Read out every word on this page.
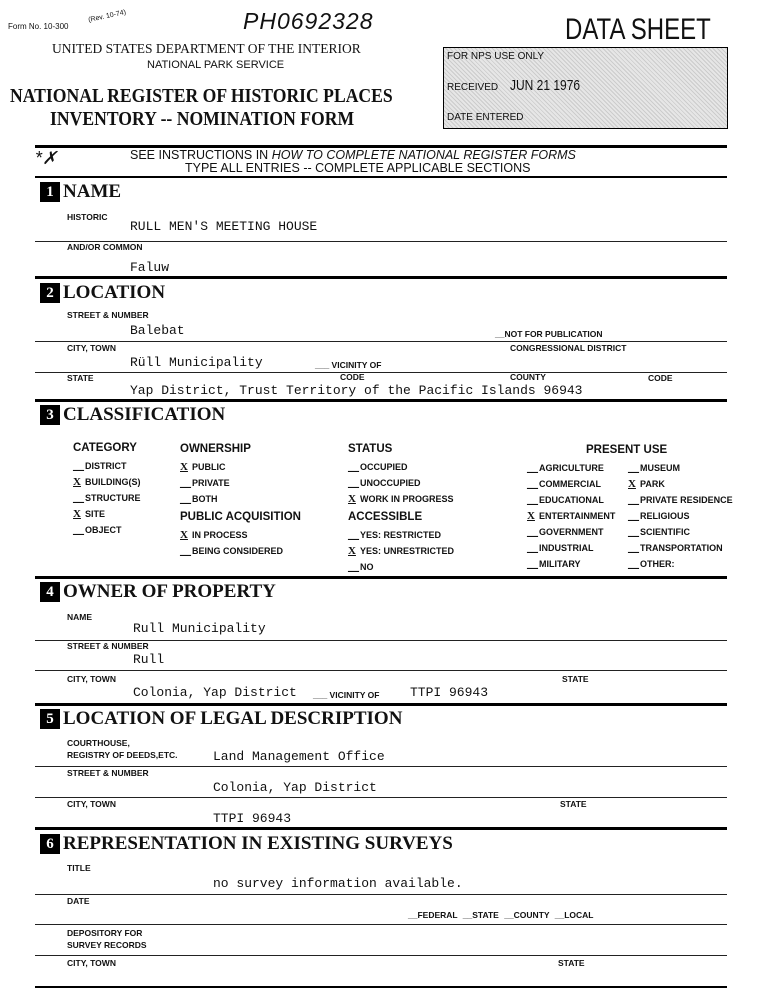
Form No. 10-300
(Rev. 10-74)	PH0692328	DATA SHEET
UNITED STATES DEPARTMENT OF THE INTERIOR
NATIONAL PARK SERVICE
NATIONAL REGISTER OF HISTORIC PLACES
INVENTORY -- NOMINATION FORM
FOR NPS USE ONLY
RECEIVED JUN 21 1976
DATE ENTERED
*✗	SEE INSTRUCTIONS IN HOW TO COMPLETE NATIONAL REGISTER FORMS
TYPE ALL ENTRIES -- COMPLETE APPLICABLE SECTIONS
1 NAME
HISTORIC
RULL MEN'S MEETING HOUSE
AND/OR COMMON
Faluw
2 LOCATION
STREET & NUMBER
Balebat	__NOT FOR PUBLICATION
CITY, TOWN	CONGRESSIONAL DISTRICT
Rüll Municipality	___ VICINITY OF
STATE	CODE	COUNTY	CODE
Yap District, Trust Territory of the Pacific Islands 96943
3 CLASSIFICATION
CATEGORY
__DISTRICT
X BUILDING(S)
__STRUCTURE
X SITE
__OBJECT
OWNERSHIP
X PUBLIC
__PRIVATE
__BOTH
PUBLIC ACQUISITION
X IN PROCESS
__BEING CONSIDERED
STATUS
__OCCUPIED
__UNOCCUPIED
X WORK IN PROGRESS
ACCESSIBLE
__YES: RESTRICTED
X YES: UNRESTRICTED
__NO
PRESENT USE
__AGRICULTURE
__COMMERCIAL
__EDUCATIONAL
X ENTERTAINMENT
__GOVERNMENT
__INDUSTRIAL
__MILITARY
__MUSEUM
X PARK
__PRIVATE RESIDENCE
__RELIGIOUS
__SCIENTIFIC
__TRANSPORTATION
__OTHER:
4 OWNER OF PROPERTY
NAME
Rull Municipality
STREET & NUMBER
Rull
CITY, TOWN	STATE
Colonia, Yap District ___ VICINITY OF TTPI 96943
5 LOCATION OF LEGAL DESCRIPTION
COURTHOUSE,
REGISTRY OF DEEDS,ETC.	Land Management Office
STREET & NUMBER
Colonia, Yap District
CITY, TOWN	STATE
TTPI 96943
6 REPRESENTATION IN EXISTING SURVEYS
TITLE
no survey information available.
DATE
__FEDERAL __STATE __COUNTY __LOCAL
DEPOSITORY FOR
SURVEY RECORDS
CITY, TOWN	STATE
